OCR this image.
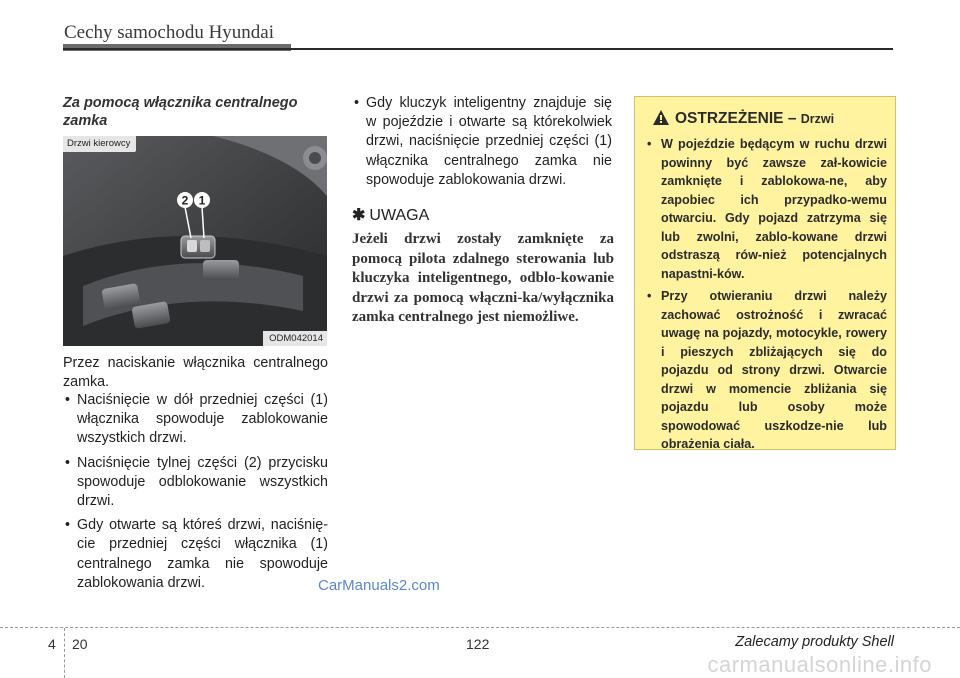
Cechy samochodu Hyundai
Za pomocą włącznika centralnego zamka
2 1
Drzwi kierowcy
ODM042014
Przez naciskanie włącznika centralnego zamka.
• Naciśnięcie w dół przedniej części (1) włącznika spowoduje zablokowanie wszystkich drzwi.
• Naciśnięcie tylnej części (2) przycisku spowoduje odblokowanie wszystkich drzwi.
• Gdy otwarte są któreś drzwi, naciśnię-cie przedniej części włącznika (1) centralnego zamka nie spowoduje zablokowania drzwi.
• Gdy kluczyk inteligentny znajduje się w pojeździe i otwarte są którekolwiek drzwi, naciśnięcie przedniej części (1) włącznika centralnego zamka nie spowoduje zablokowania drzwi.
✱ UWAGA
Jeżeli drzwi zostały zamknięte za pomocą pilota zdalnego sterowania lub kluczyka inteligentnego, odblo-kowanie drzwi za pomocą włączni-ka/wyłącznika zamka centralnego jest niemożliwe.
OSTRZEŻENIE – Drzwi
• W pojeździe będącym w ruchu drzwi powinny być zawsze zał-kowicie zamknięte i zablokowa-ne, aby zapobiec ich przypadko-wemu otwarciu. Gdy pojazd zatrzyma się lub zwolni, zablo-kowane drzwi odstraszą rów-nież potencjalnych napastni-ków.
• Przy otwieraniu drzwi należy zachować ostrożność i zwracać uwagę na pojazdy, motocykle, rowery i pieszych zbliżających się do pojazdu od strony drzwi. Otwarcie drzwi w momencie zbliżania się pojazdu lub osoby może spowodować uszkodze-nie lub obrażenia ciała.
CarManuals2.com
4 20	122	Zalecamy produkty Shell
carmanualsonline.info
